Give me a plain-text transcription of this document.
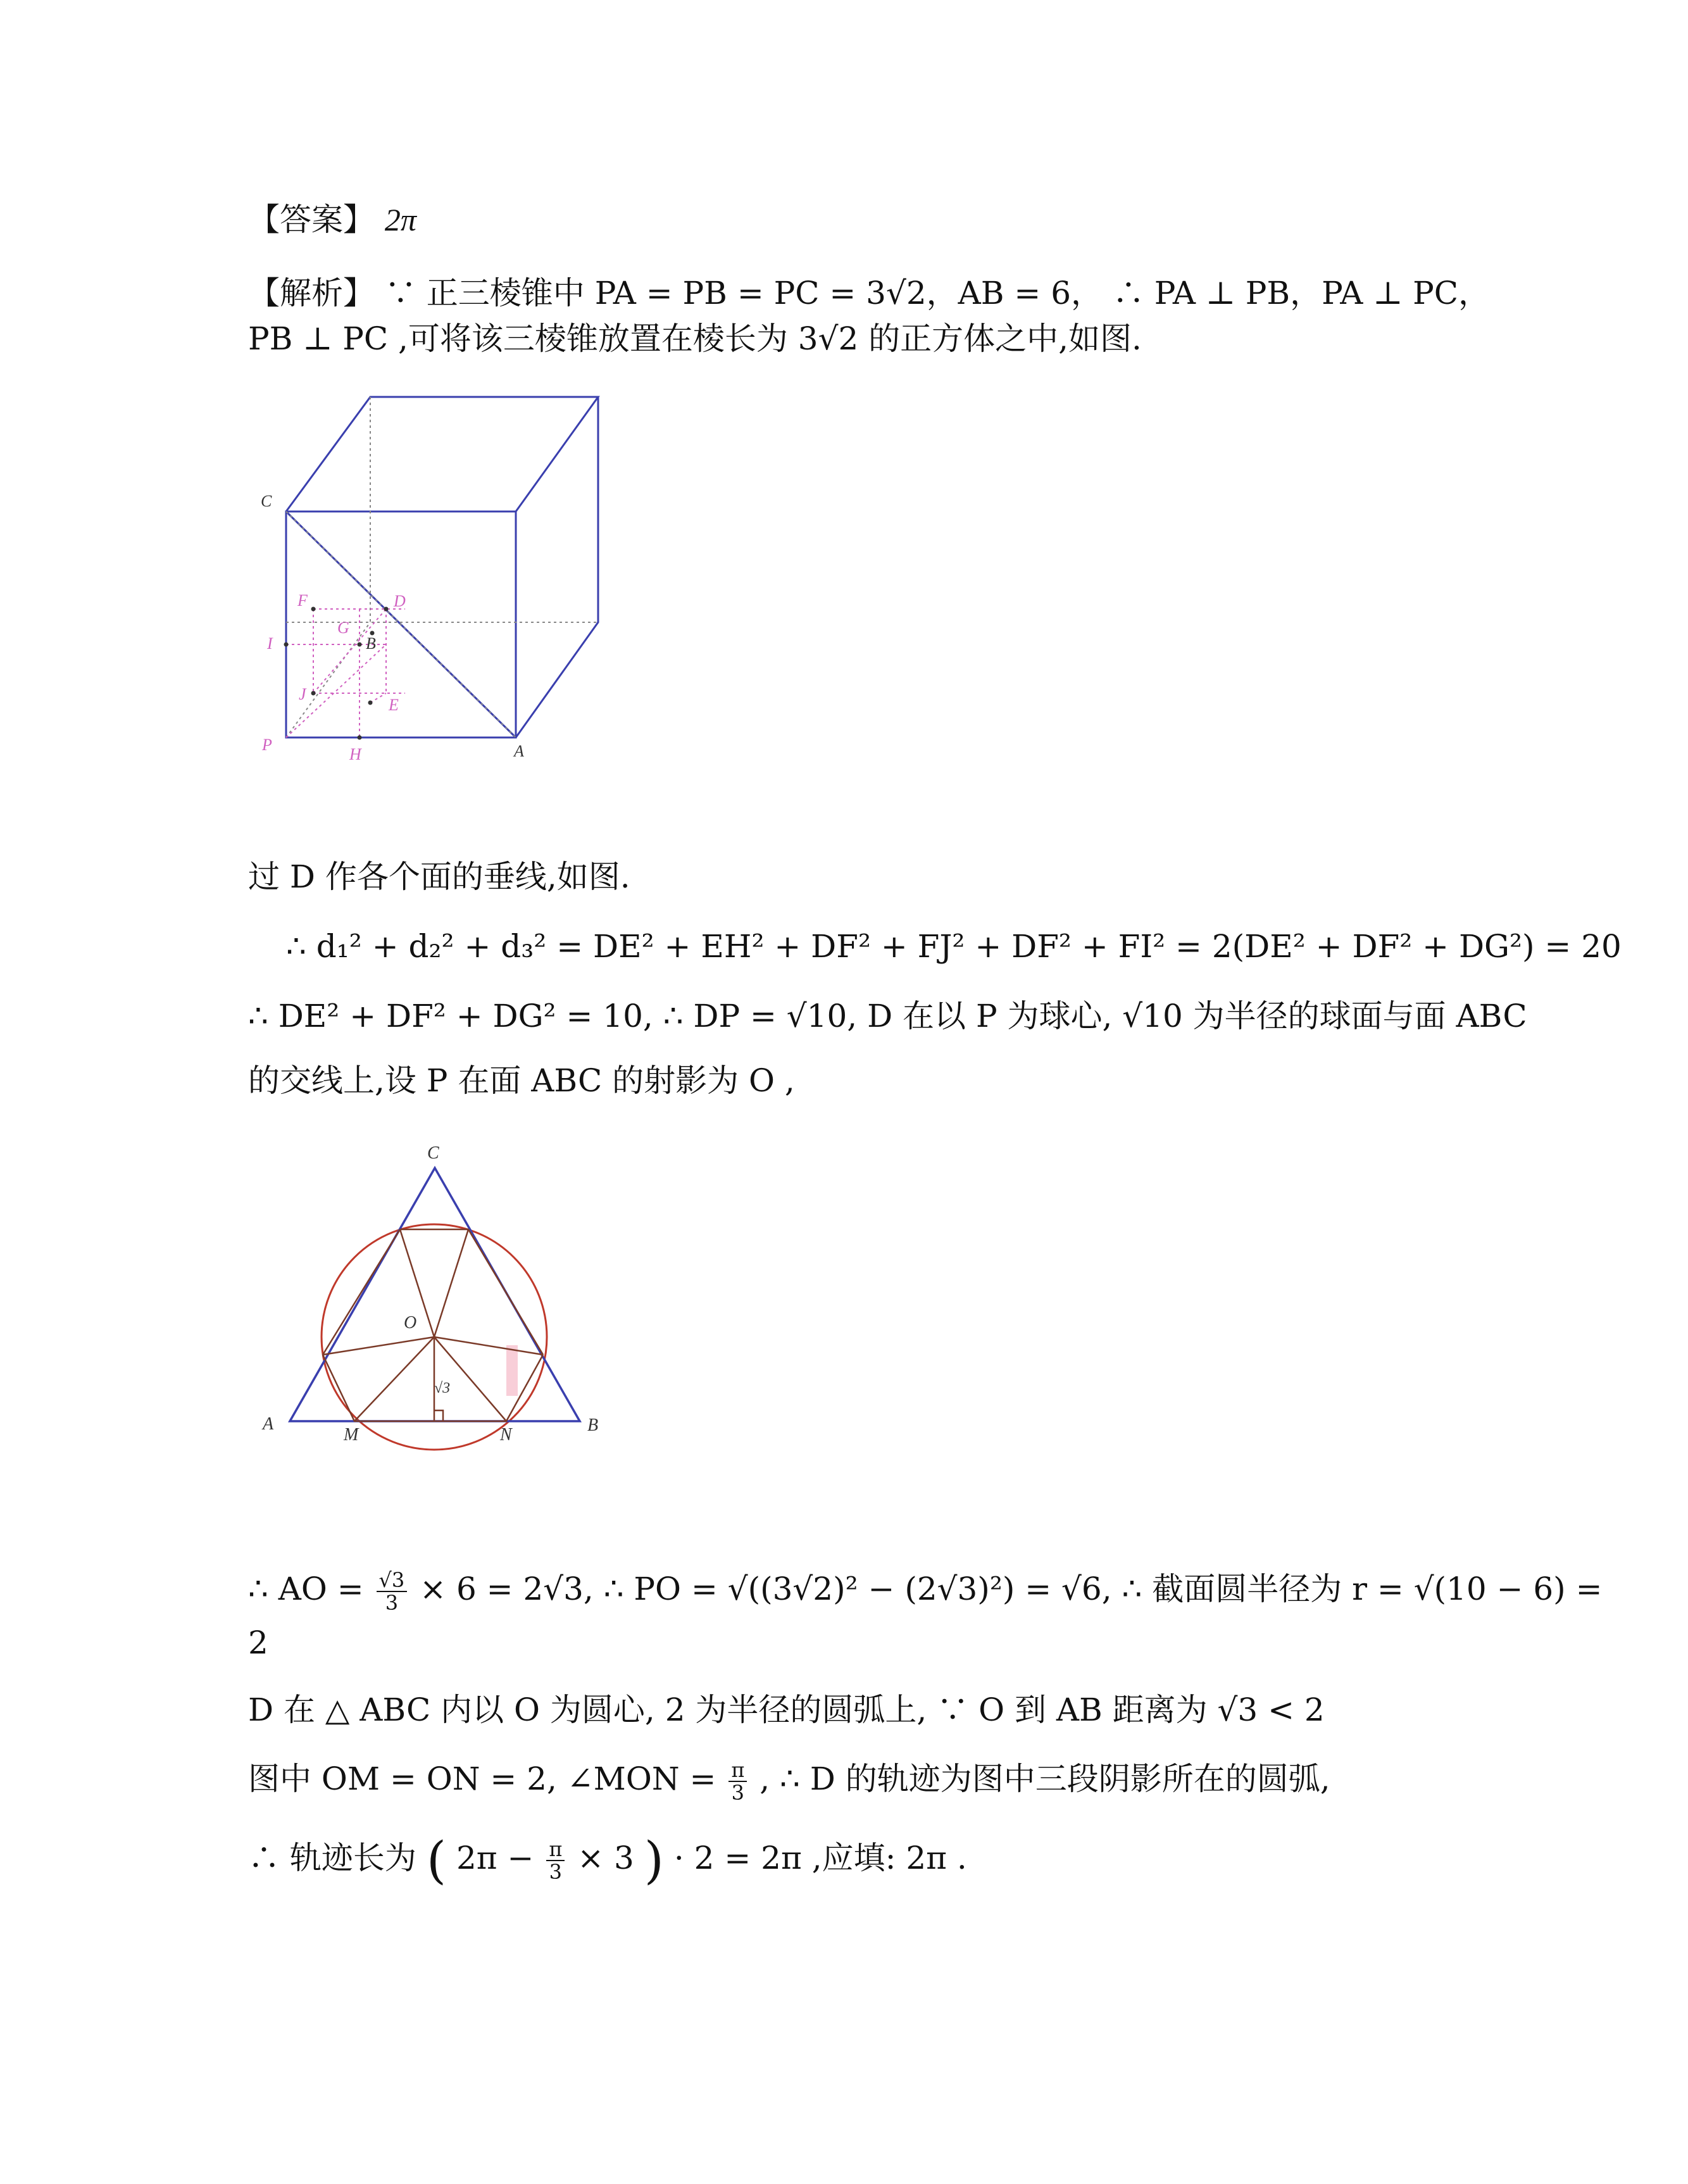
【答案】 2π
【解析】 ∵ 正三棱锥中 PA = PB = PC = 3√2，AB = 6， ∴ PA ⊥ PB，PA ⊥ PC，
PB ⊥ PC ,可将该三棱锥放置在棱长为 3√2 的正方体之中,如图.
C
A
B
D
F
G
I
J
E
P
H
过 D 作各个面的垂线,如图.
∴ d₁² + d₂² + d₃² = DE² + EH² + DF² + FJ² + DF² + FI² = 2(DE² + DF² + DG²) = 20
∴ DE² + DF² + DG² = 10, ∴ DP = √10, D 在以 P 为球心, √10 为半径的球面与面 ABC
的交线上,设 P 在面 ABC 的射影为 O ,
C
O
A
M	N	B
√3
∴ AO = $\frac{√3}{3} \times 6 = 2√3$, ∴ PO = √((3√2)² − (2√3)²) = √6, ∴ 截面圆半径为 r = √(10 − 6) =
2
D 在 △ ABC 内以 O 为圆心, 2 为半径的圆弧上, ∵ O 到 AB 距离为 √3 < 2
图中 OM = ON = 2, ∠MON = $\frac{\pi}{3}$ , ∴ D 的轨迹为图中三段阴影所在的圆弧,
∴ 轨迹长为 ( $2\pi - \frac{\pi}{3} \times 3$ ) · 2 = 2π ,应填: 2π .
